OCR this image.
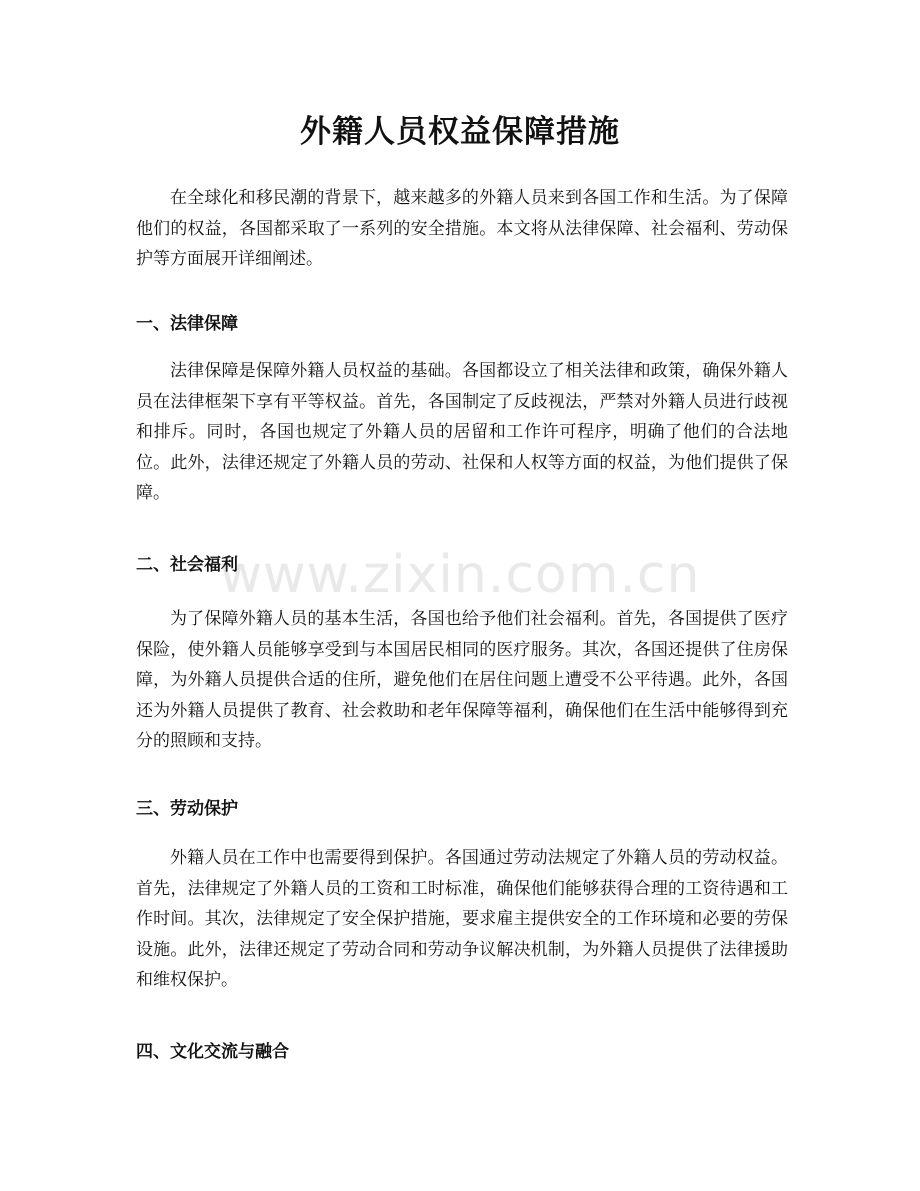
外籍人员权益保障措施

在全球化和移民潮的背景下，越来越多的外籍人员来到各国工作和生活。为了保障他们的权益，各国都采取了一系列的安全措施。本文将从法律保障、社会福利、劳动保护等方面展开详细阐述。

一、法律保障

法律保障是保障外籍人员权益的基础。各国都设立了相关法律和政策，确保外籍人员在法律框架下享有平等权益。首先，各国制定了反歧视法，严禁对外籍人员进行歧视和排斥。同时，各国也规定了外籍人员的居留和工作许可程序，明确了他们的合法地位。此外，法律还规定了外籍人员的劳动、社保和人权等方面的权益，为他们提供了保障。

二、社会福利

为了保障外籍人员的基本生活，各国也给予他们社会福利。首先，各国提供了医疗保险，使外籍人员能够享受到与本国居民相同的医疗服务。其次，各国还提供了住房保障，为外籍人员提供合适的住所，避免他们在居住问题上遭受不公平待遇。此外，各国还为外籍人员提供了教育、社会救助和老年保障等福利，确保他们在生活中能够得到充分的照顾和支持。

三、劳动保护

外籍人员在工作中也需要得到保护。各国通过劳动法规定了外籍人员的劳动权益。首先，法律规定了外籍人员的工资和工时标准，确保他们能够获得合理的工资待遇和工作时间。其次，法律规定了安全保护措施，要求雇主提供安全的工作环境和必要的劳保设施。此外，法律还规定了劳动合同和劳动争议解决机制，为外籍人员提供了法律援助和维权保护。

四、文化交流与融合
www.zixin.com.cn
